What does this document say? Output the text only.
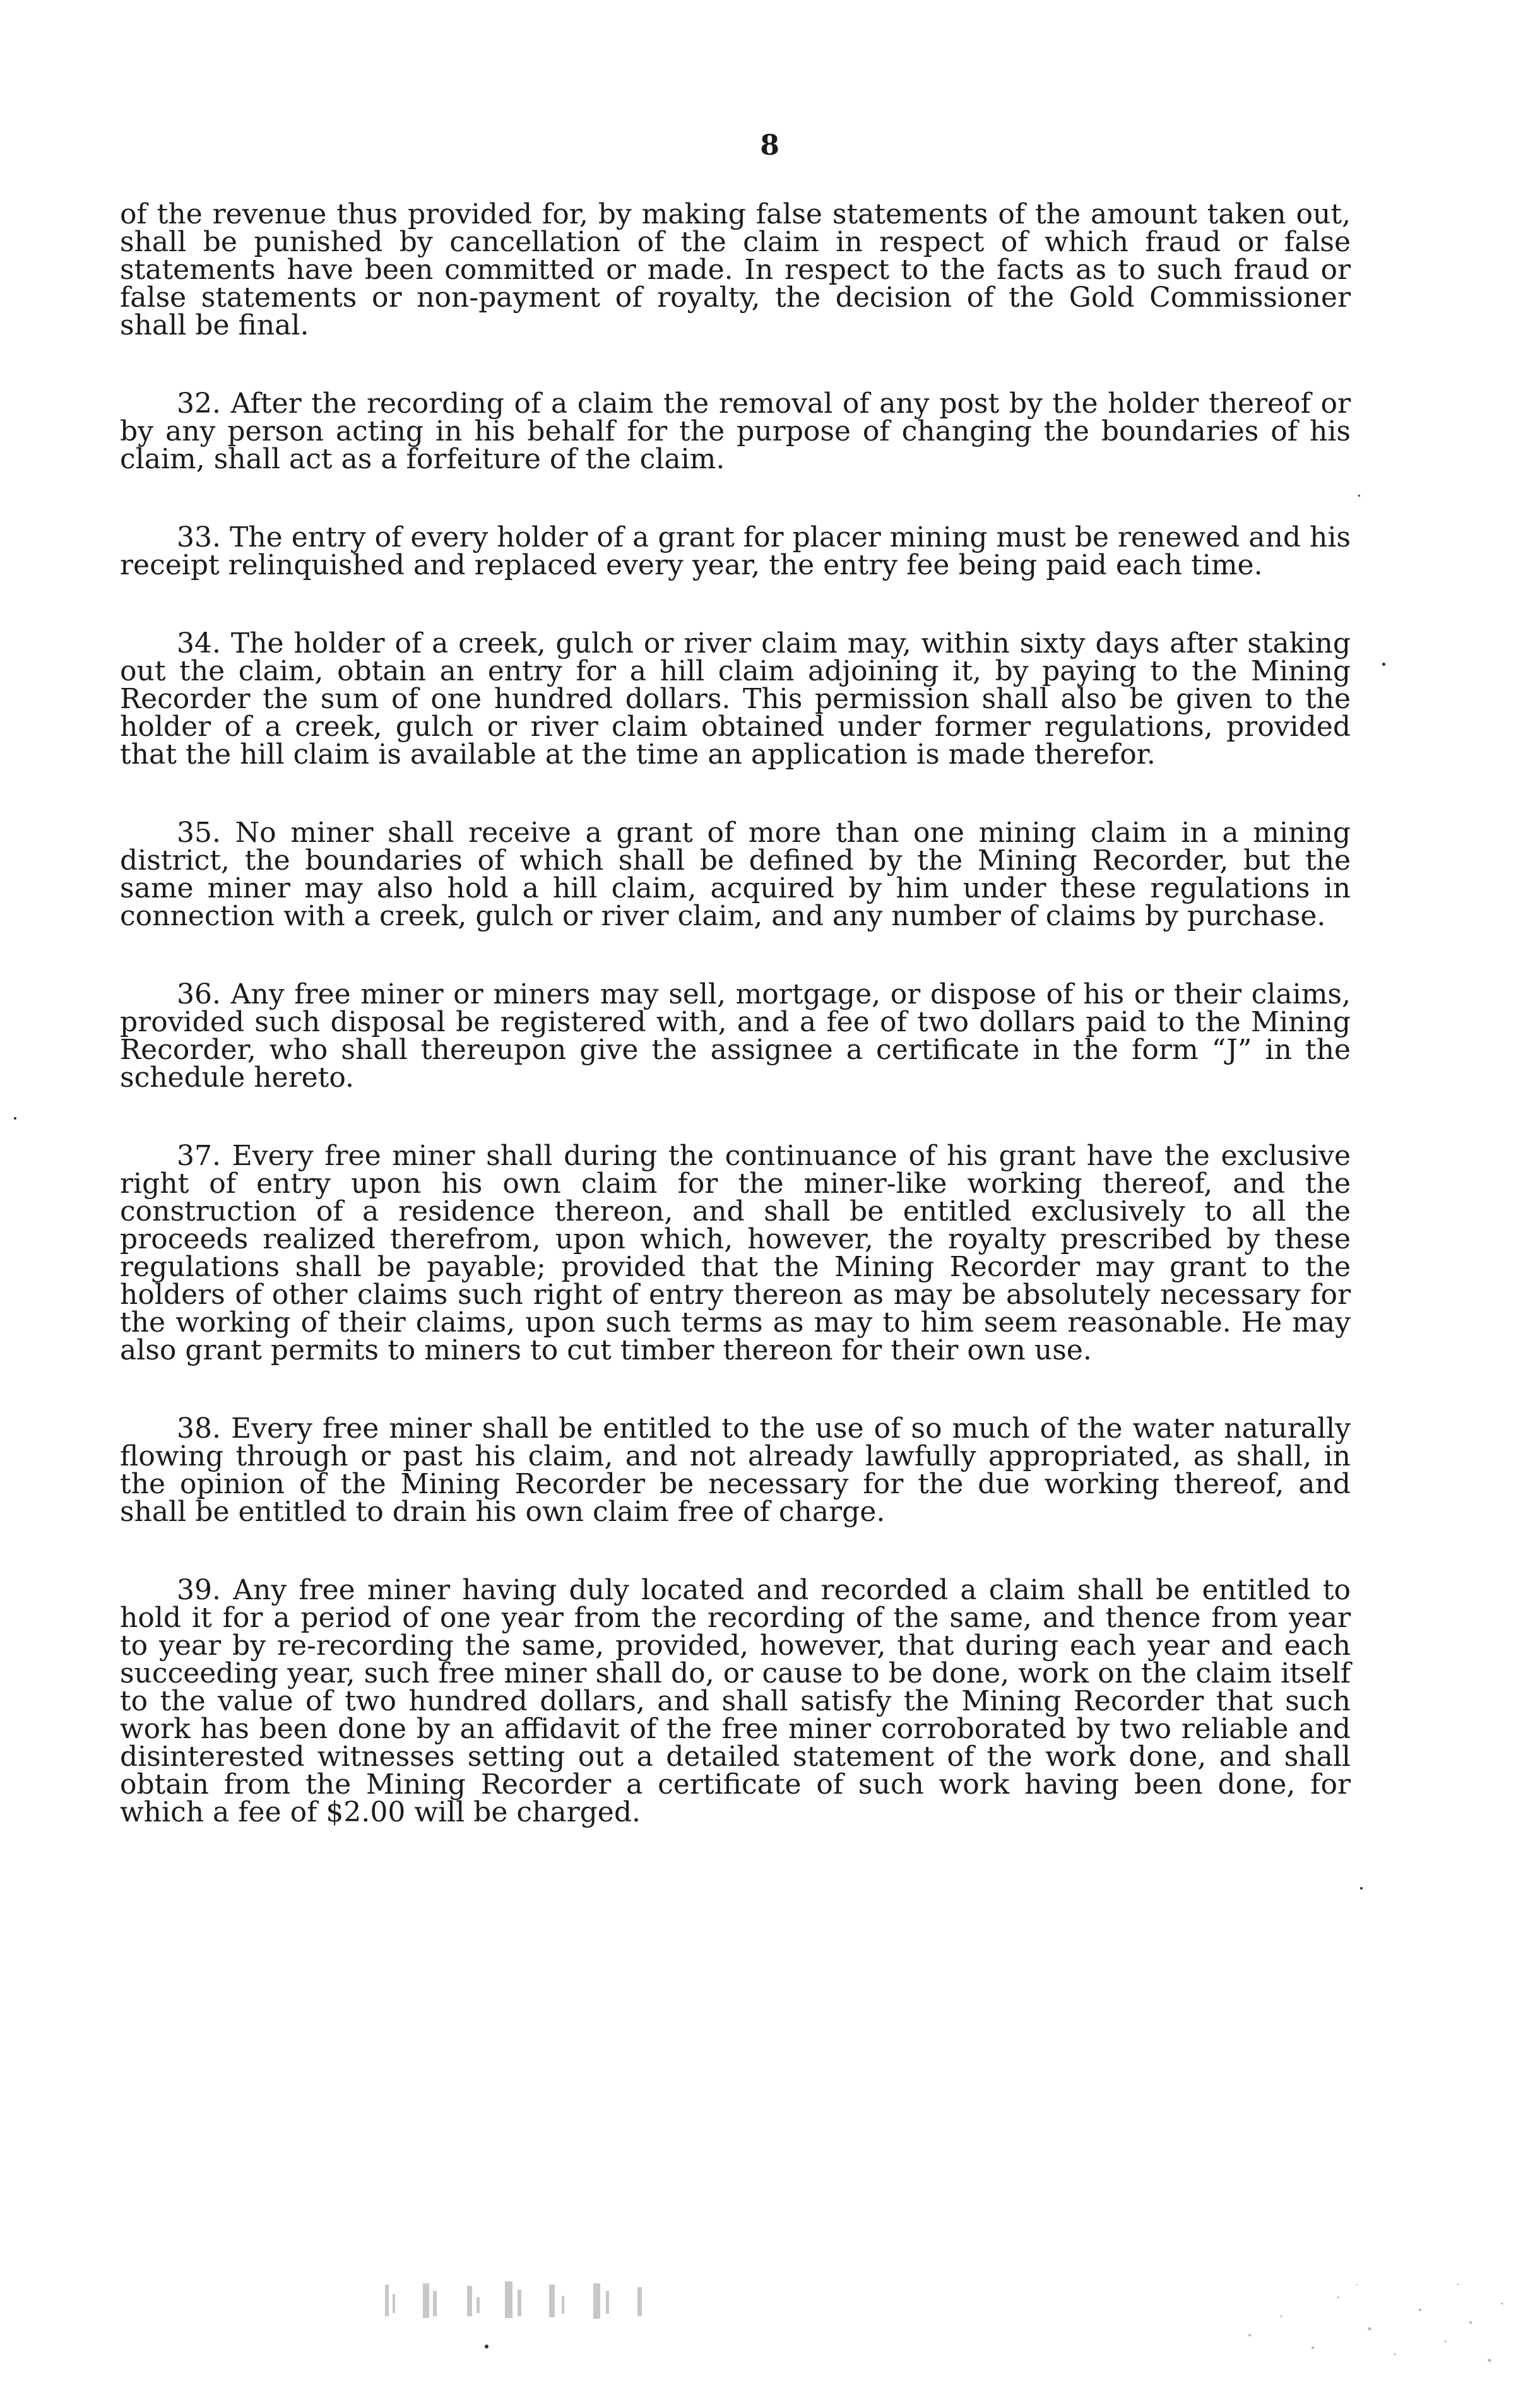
8

of the revenue thus provided for, by making false statements of the amount taken out, shall be punished by cancellation of the claim in respect of which fraud or false statements have been committed or made. In respect to the facts as to such fraud or false statements or non-payment of royalty, the decision of the Gold Commissioner shall be final.

32. After the recording of a claim the removal of any post by the holder thereof or by any person acting in his behalf for the purpose of changing the boundaries of his claim, shall act as a forfeiture of the claim.

33. The entry of every holder of a grant for placer mining must be renewed and his receipt relinquished and replaced every year, the entry fee being paid each time.

34. The holder of a creek, gulch or river claim may, within sixty days after staking out the claim, obtain an entry for a hill claim adjoining it, by paying to the Mining Recorder the sum of one hundred dollars. This permission shall also be given to the holder of a creek, gulch or river claim obtained under former regulations, provided that the hill claim is available at the time an application is made therefor.

35. No miner shall receive a grant of more than one mining claim in a mining district, the boundaries of which shall be defined by the Mining Recorder, but the same miner may also hold a hill claim, acquired by him under these regulations in connection with a creek, gulch or river claim, and any number of claims by purchase.

36. Any free miner or miners may sell, mortgage, or dispose of his or their claims, provided such disposal be registered with, and a fee of two dollars paid to the Mining Recorder, who shall thereupon give the assignee a certificate in the form “J” in the schedule hereto.

37. Every free miner shall during the continuance of his grant have the exclusive right of entry upon his own claim for the miner-like working thereof, and the construction of a residence thereon, and shall be entitled exclusively to all the proceeds realized therefrom, upon which, however, the royalty prescribed by these regulations shall be payable; provided that the Mining Recorder may grant to the holders of other claims such right of entry thereon as may be absolutely necessary for the working of their claims, upon such terms as may to him seem reasonable. He may also grant permits to miners to cut timber thereon for their own use.

38. Every free miner shall be entitled to the use of so much of the water naturally flowing through or past his claim, and not already lawfully appropriated, as shall, in the opinion of the Mining Recorder be necessary for the due working thereof, and shall be entitled to drain his own claim free of charge.

39. Any free miner having duly located and recorded a claim shall be entitled to hold it for a period of one year from the recording of the same, and thence from year to year by re-recording the same, provided, however, that during each year and each succeeding year, such free miner shall do, or cause to be done, work on the claim itself to the value of two hundred dollars, and shall satisfy the Mining Recorder that such work has been done by an affidavit of the free miner corroborated by two reliable and disinterested witnesses setting out a detailed statement of the work done, and shall obtain from the Mining Recorder a certificate of such work having been done, for which a fee of $2.00 will be charged.
